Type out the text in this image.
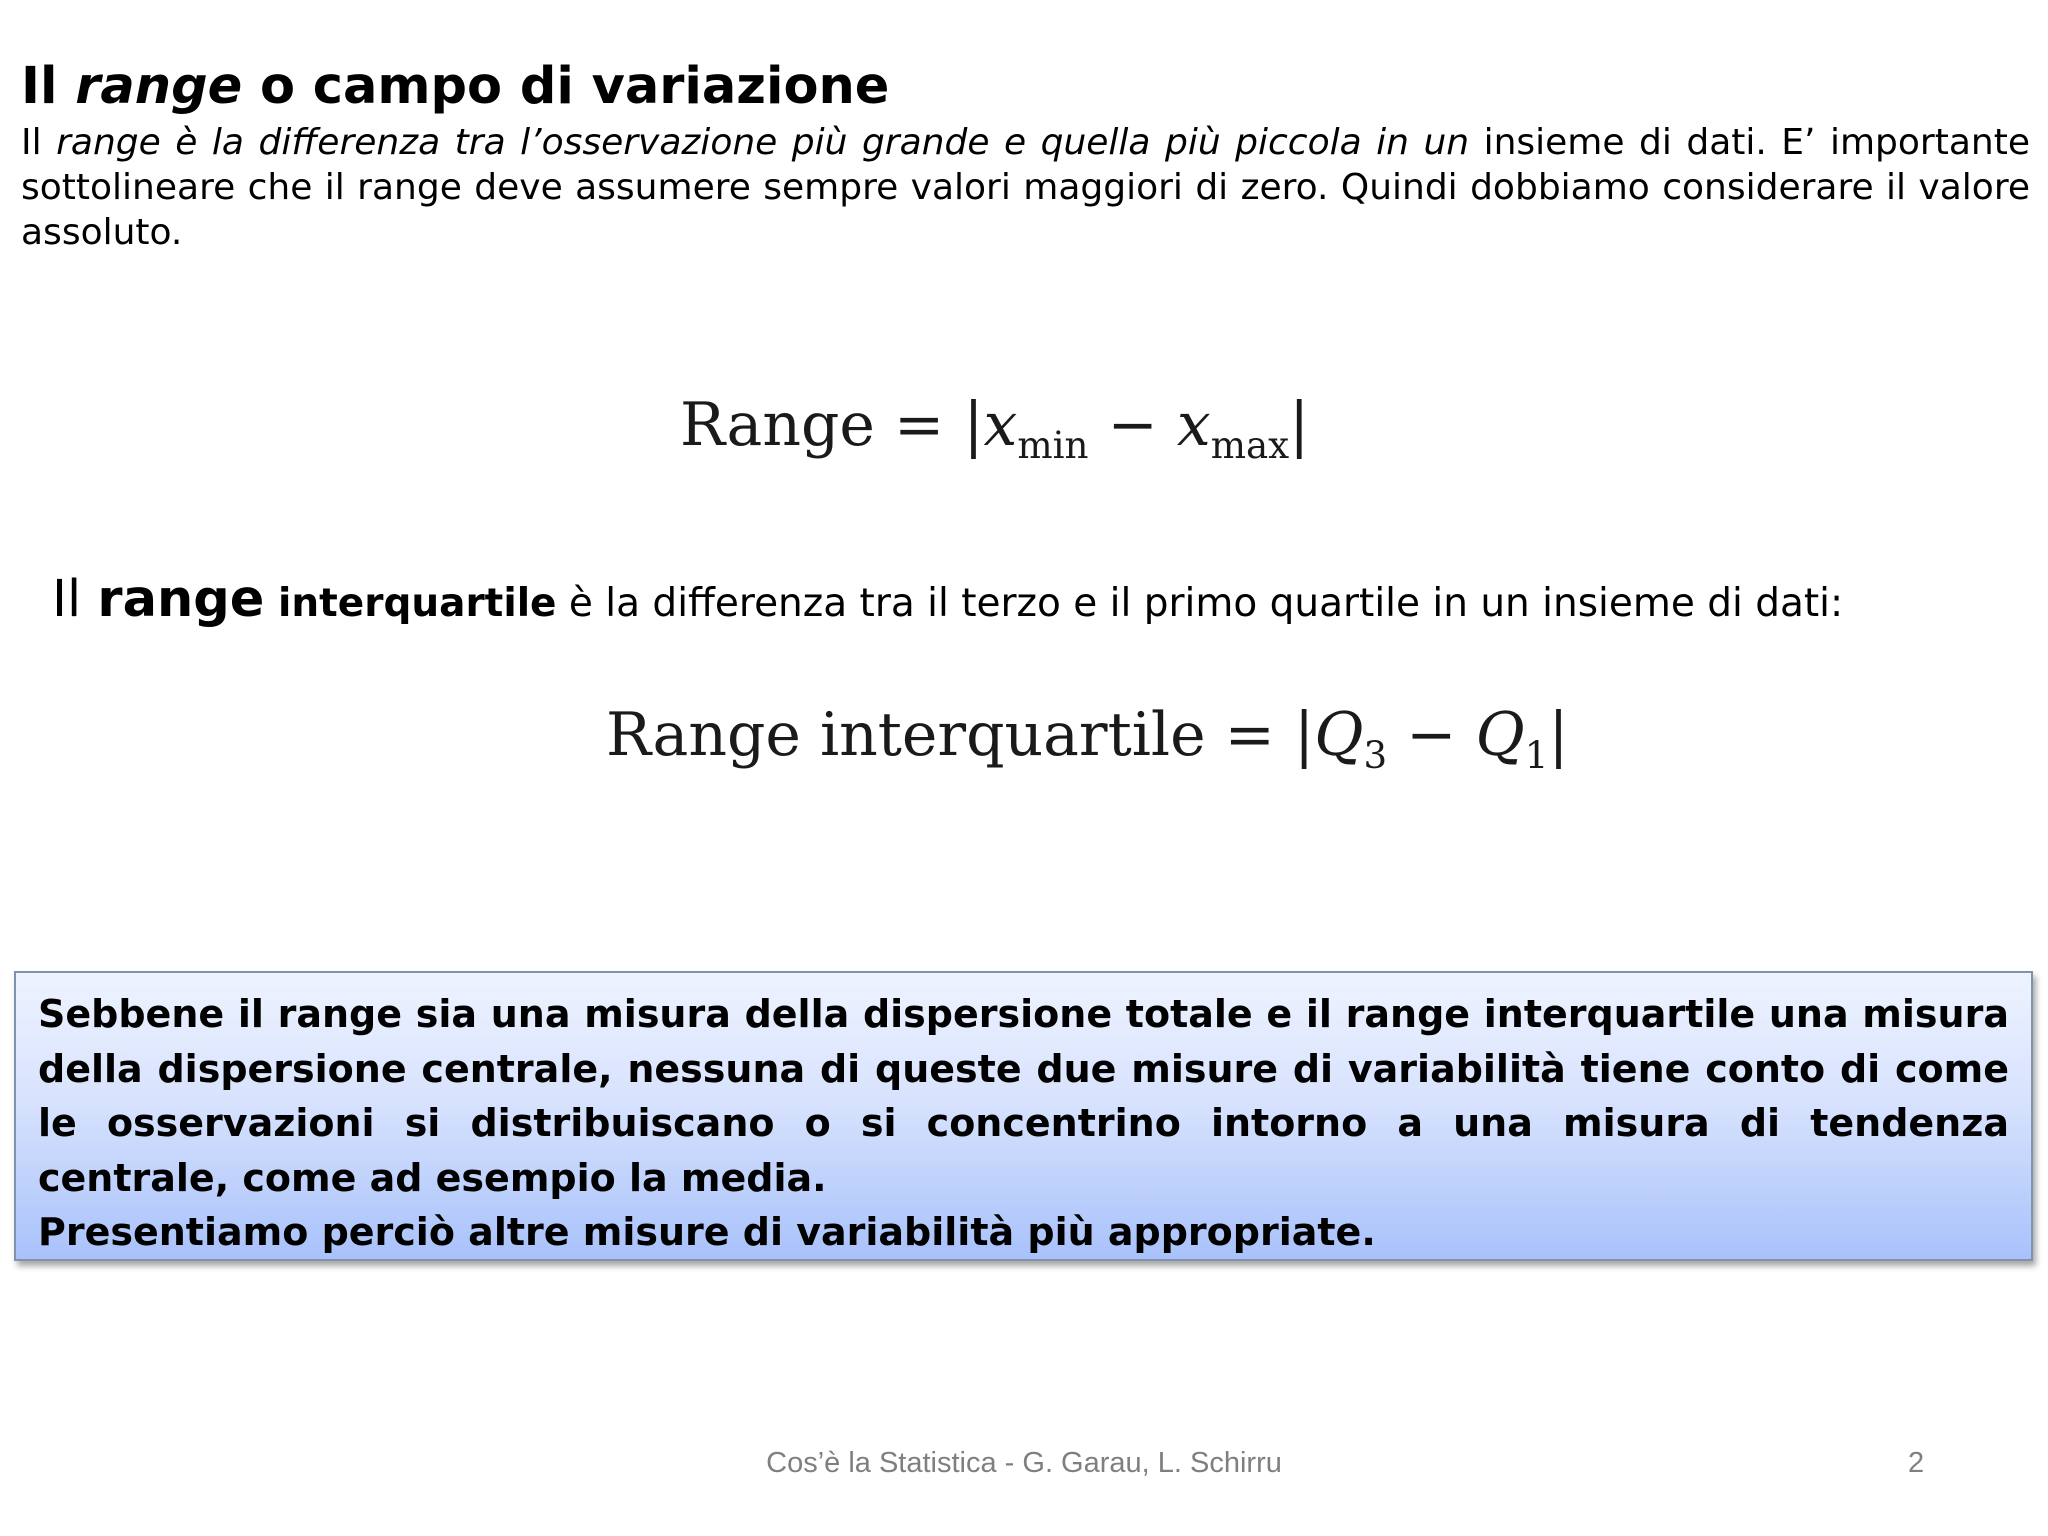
Il range o campo di variazione

Il range è la differenza tra l’osservazione più grande e quella più piccola in un insieme di dati. E’ importante sottolineare che il range deve assumere sempre valori maggiori di zero. Quindi dobbiamo considerare il valore assoluto.

Range = $|x_{min} - x_{max}|$

Il range interquartile è la differenza tra il terzo e il primo quartile in un insieme di dati:

Range interquartile = $|Q_3 - Q_1|$

Sebbene il range sia una misura della dispersione totale e il range interquartile una misura della dispersione centrale, nessuna di queste due misure di variabilità tiene conto di come le osservazioni si distribuiscano o si concentrino intorno a una misura di tendenza centrale, come ad esempio la media.

Presentiamo perciò altre misure di variabilità più appropriate.

Cos’è la Statistica - G. Garau, L. Schirru	2
